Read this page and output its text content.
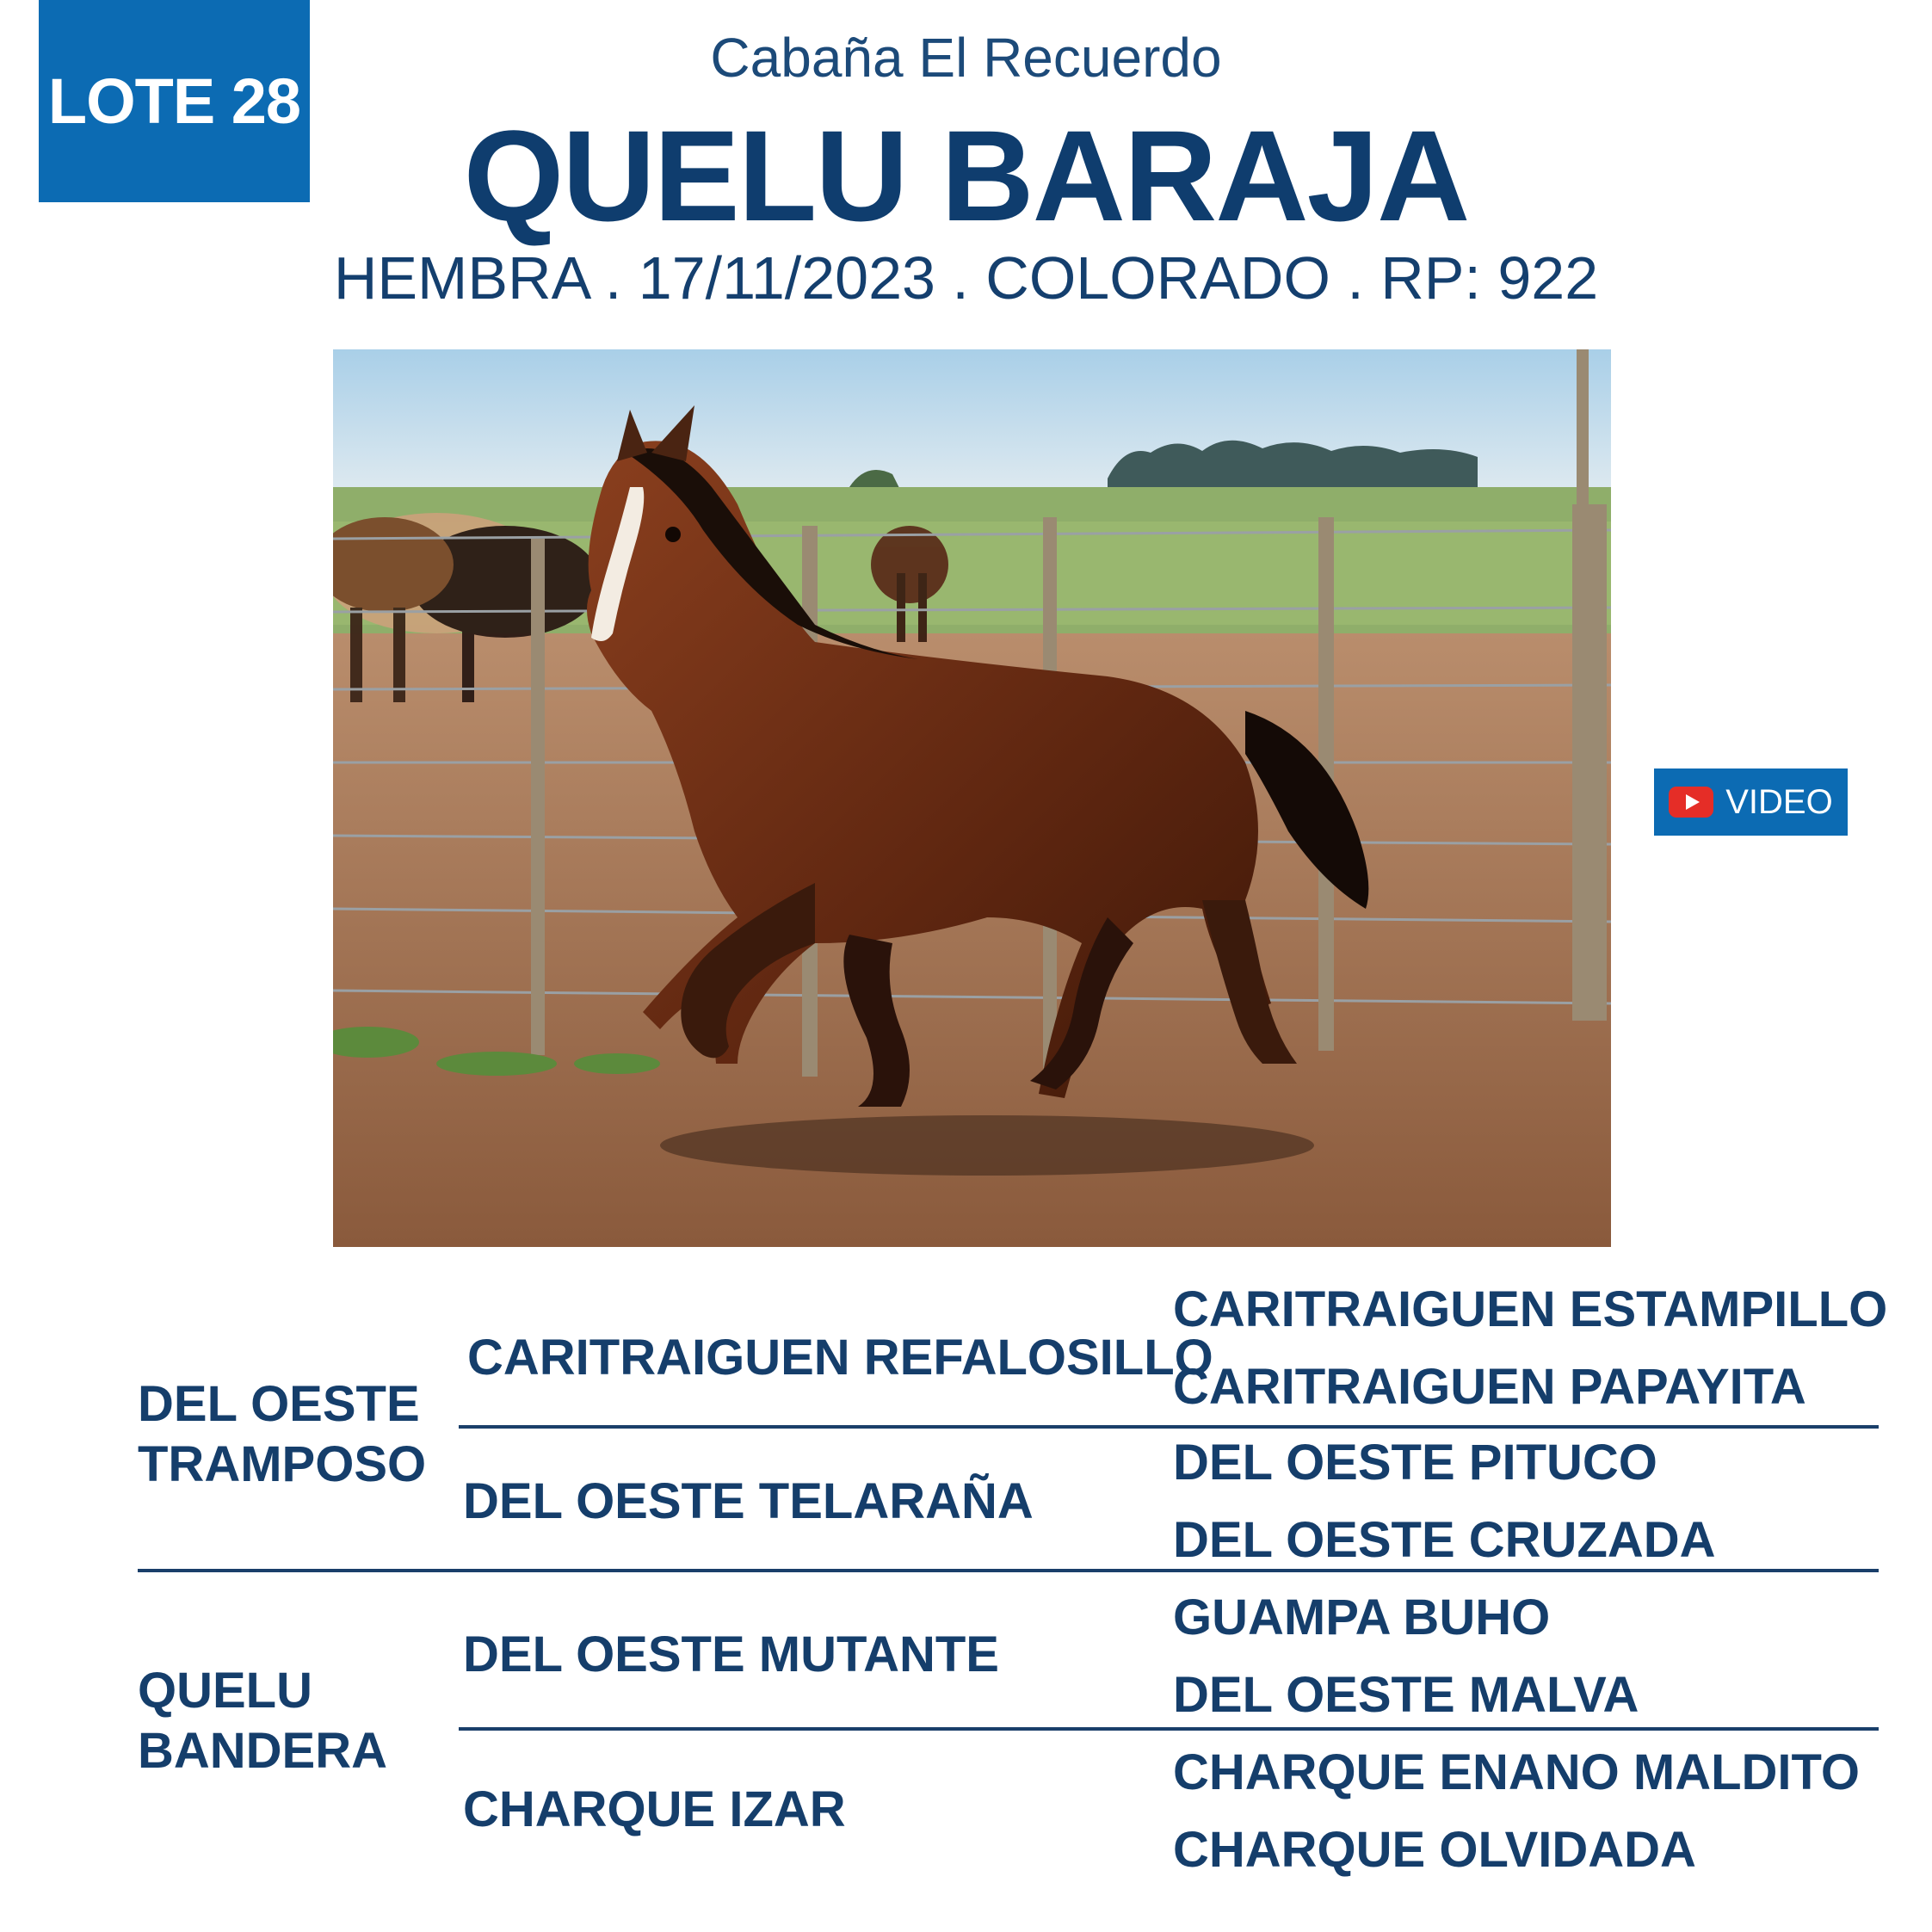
LOTE 28
Cabaña El Recuerdo
QUELU BARAJA
HEMBRA . 17/11/2023 . COLORADO . RP: 922
VIDEO
DEL OESTE
TRAMPOSO
QUELU
BANDERA
CARITRAIGUEN REFALOSILLO
DEL OESTE TELARAÑA
DEL OESTE MUTANTE
CHARQUE IZAR
CARITRAIGUEN ESTAMPILLO
CARITRAIGUEN PAPAYITA
DEL OESTE PITUCO
DEL OESTE CRUZADA
GUAMPA BUHO
DEL OESTE MALVA
CHARQUE ENANO MALDITO
CHARQUE OLVIDADA
